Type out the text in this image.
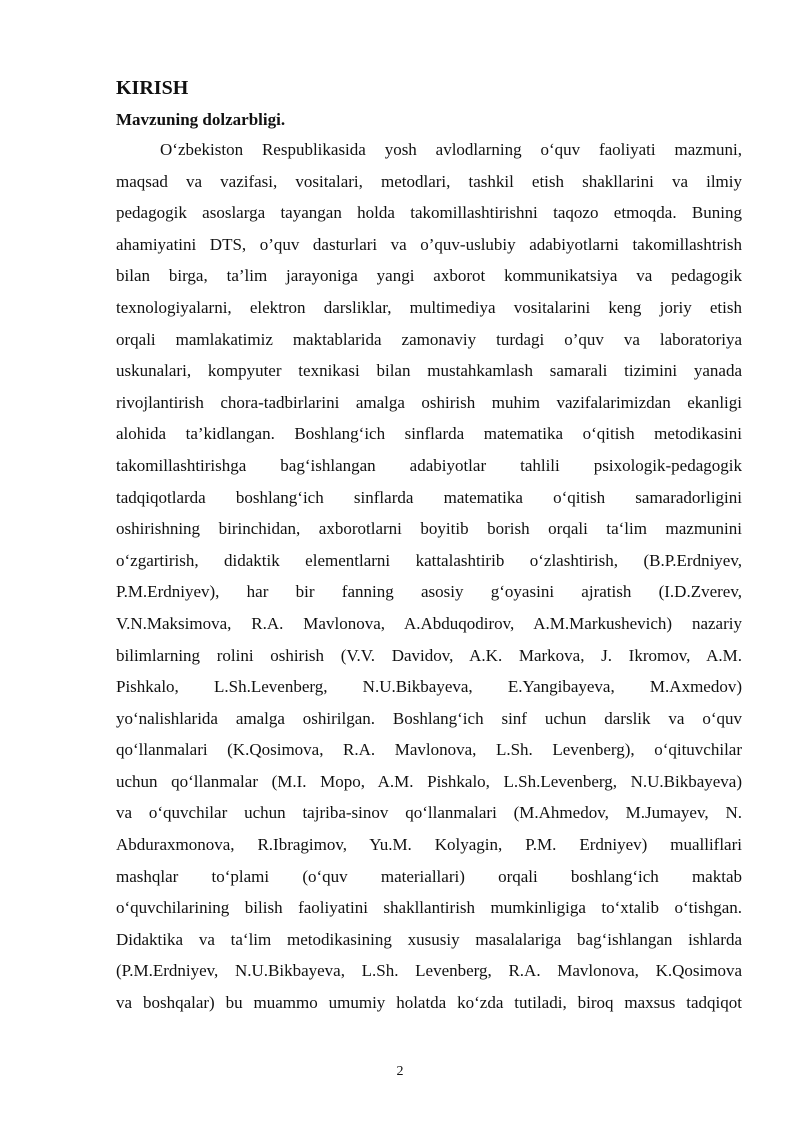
KIRISH
Mavzuning dolzarbligi.
O‘zbekiston Respublikasida yosh avlodlarning o‘quv faoliyati mazmuni,
maqsad va vazifasi, vositalari, metodlari, tashkil etish shakllarini va ilmiy
pedagogik asoslarga tayangan holda takomillashtirishni taqozo etmoqda. Buning
ahamiyatini DTS, o’quv dasturlari va o’quv-uslubiy adabiyotlarni takomillashtrish
bilan birga, ta’lim jarayoniga yangi axborot kommunikatsiya va pedagogik
texnologiyalarni, elektron darsliklar, multimediya vositalarini keng joriy etish
orqali mamlakatimiz maktablarida zamonaviy turdagi o’quv va laboratoriya
uskunalari, kompyuter texnikasi bilan mustahkamlash samarali tizimini yanada
rivojlantirish chora-tadbirlarini amalga oshirish muhim vazifalarimizdan ekanligi
alohida ta’kidlangan. Boshlang‘ich sinflarda matematika o‘qitish metodikasini
takomillashtirishga bag‘ishlangan adabiyotlar tahlili psixologik-pedagogik
tadqiqotlarda boshlang‘ich sinflarda matematika o‘qitish samaradorligini
oshirishning birinchidan, axborotlarni boyitib borish orqali ta‘lim mazmunini
o‘zgartirish, didaktik elementlarni kattalashtirib o‘zlashtirish, (B.P.Erdniyev,
P.M.Erdniyev), har bir fanning asosiy g‘oyasini ajratish (I.D.Zverev,
V.N.Maksimova, R.A. Mavlonova, A.Abduqodirov, A.M.Markushevich) nazariy
bilimlarning rolini oshirish (V.V. Davidov, A.K. Markova, J. Ikromov, A.M.
Pishkalo, L.Sh.Levenberg, N.U.Bikbayeva, E.Yangibayeva, M.Axmedov)
yo‘nalishlarida amalga oshirilgan. Boshlang‘ich sinf uchun darslik va o‘quv
qo‘llanmalari (K.Qosimova, R.A. Mavlonova, L.Sh. Levenberg), o‘qituvchilar
uchun qo‘llanmalar (M.I. Mopo, A.M. Pishkalo, L.Sh.Levenberg, N.U.Bikbayeva)
va o‘quvchilar uchun tajriba-sinov qo‘llanmalari (M.Ahmedov, M.Jumayev, N.
Abduraxmonova, R.Ibragimov, Yu.M. Kolyagin, P.M. Erdniyev) mualliflari
mashqlar to‘plami (o‘quv materiallari) orqali boshlang‘ich maktab
o‘quvchilarining bilish faoliyatini shakllantirish mumkinligiga to‘xtalib o‘tishgan.
Didaktika va ta‘lim metodikasining xususiy masalalariga bag‘ishlangan ishlarda
(P.M.Erdniyev, N.U.Bikbayeva, L.Sh. Levenberg, R.A. Mavlonova, K.Qosimova
va boshqalar) bu muammo umumiy holatda ko‘zda tutiladi, biroq maxsus tadqiqot
2
